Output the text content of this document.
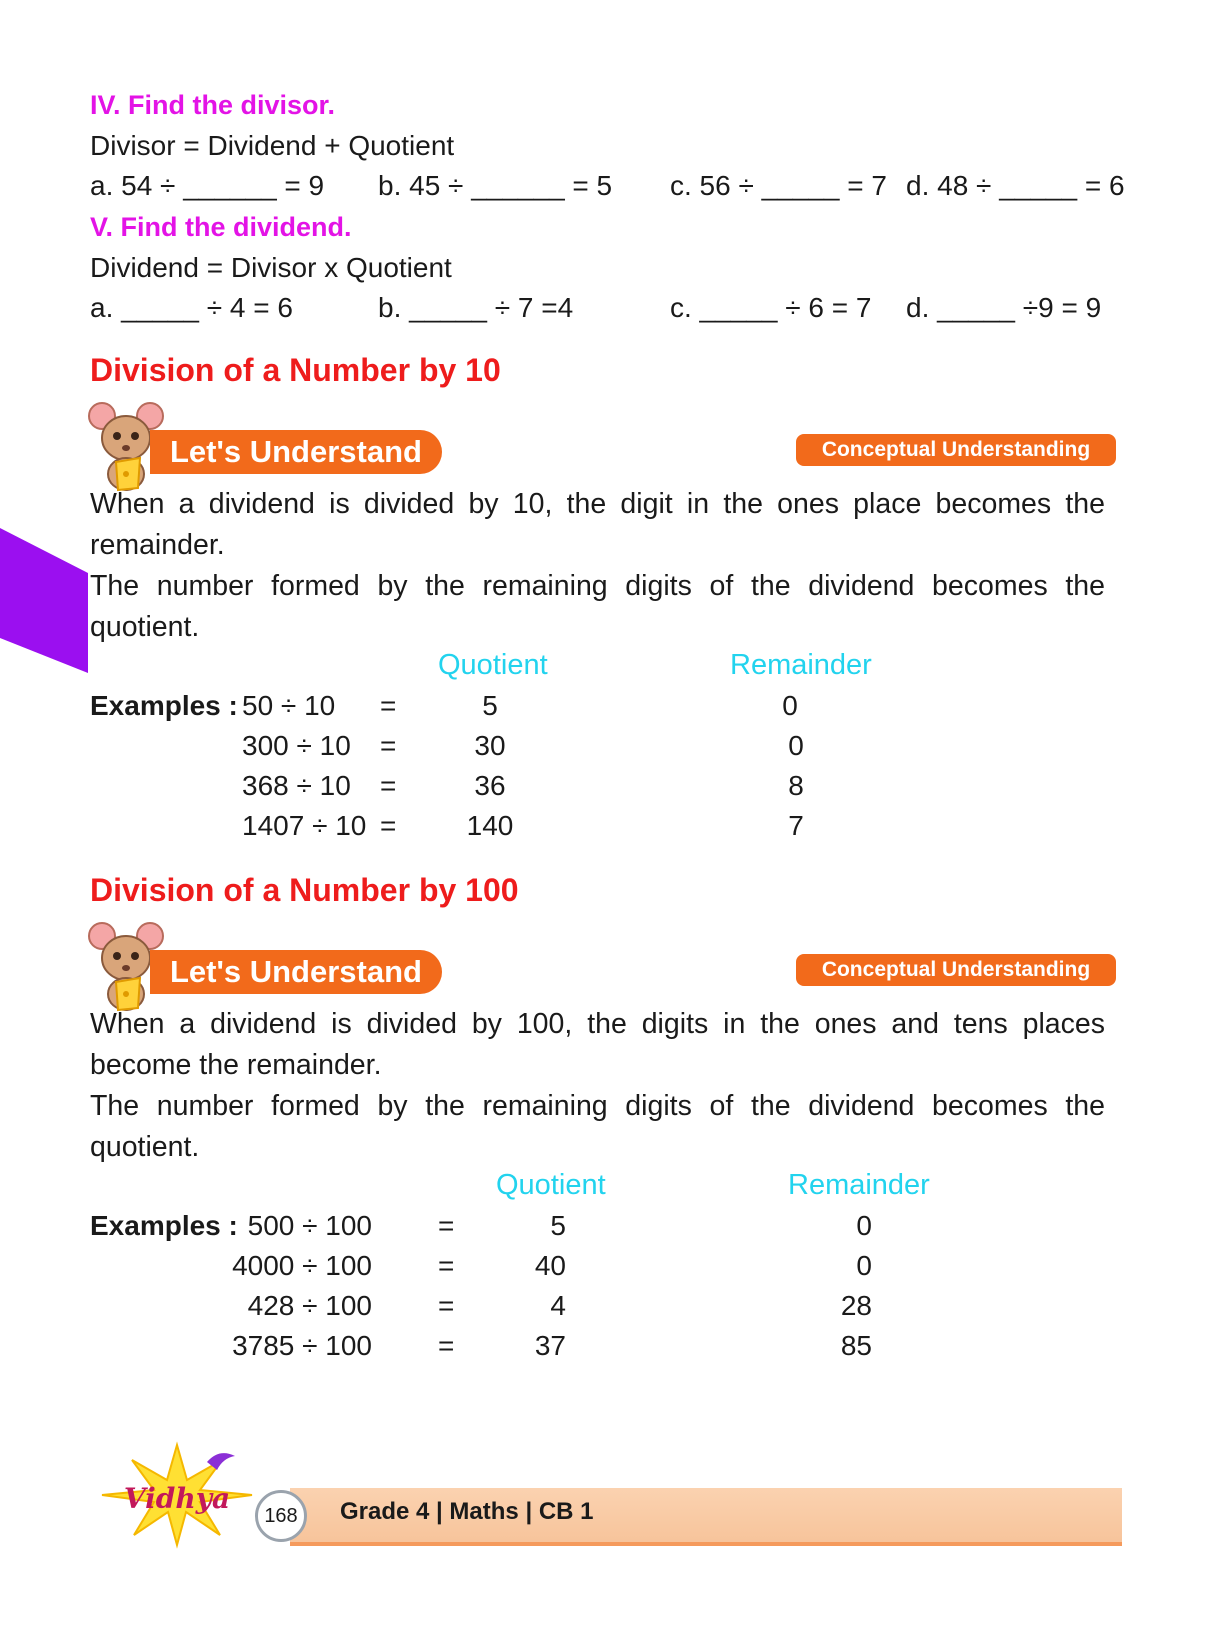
IV. Find the divisor.
Divisor = Dividend + Quotient
a. 54 ÷ ______ = 9 b. 45 ÷ ______ = 5 c. 56 ÷ _____ = 7 d. 48 ÷ _____ = 6
V. Find the dividend.
Dividend = Divisor x Quotient
a. _____ ÷ 4 = 6	b. _____ ÷ 7 =4	c. _____ ÷ 6 = 7 d. _____ ÷9 = 9
Division of a Number by 10
Let's Understand	Conceptual Understanding
When a dividend is divided by 10, the digit in the ones place becomes the remainder.
The number formed by the remaining digits of the dividend becomes the quotient.
Quotient	Remainder
Examples : 50 ÷ 10 =	5	0
300 ÷ 10 =	30	0
368 ÷ 10 =	36	8
1407 ÷ 10 =	140	7
Division of a Number by 100
Let's Understand	Conceptual Understanding
When a dividend is divided by 100, the digits in the ones and tens places become the remainder.
The number formed by the remaining digits of the dividend becomes the quotient.
Quotient	Remainder
Examples : 500 ÷ 100 =	5	0
4000 ÷ 100 =	40	0
428 ÷ 100 =	4	28
3785 ÷ 100 =	37	85
Vidhya
168	Grade 4 | Maths | CB 1
